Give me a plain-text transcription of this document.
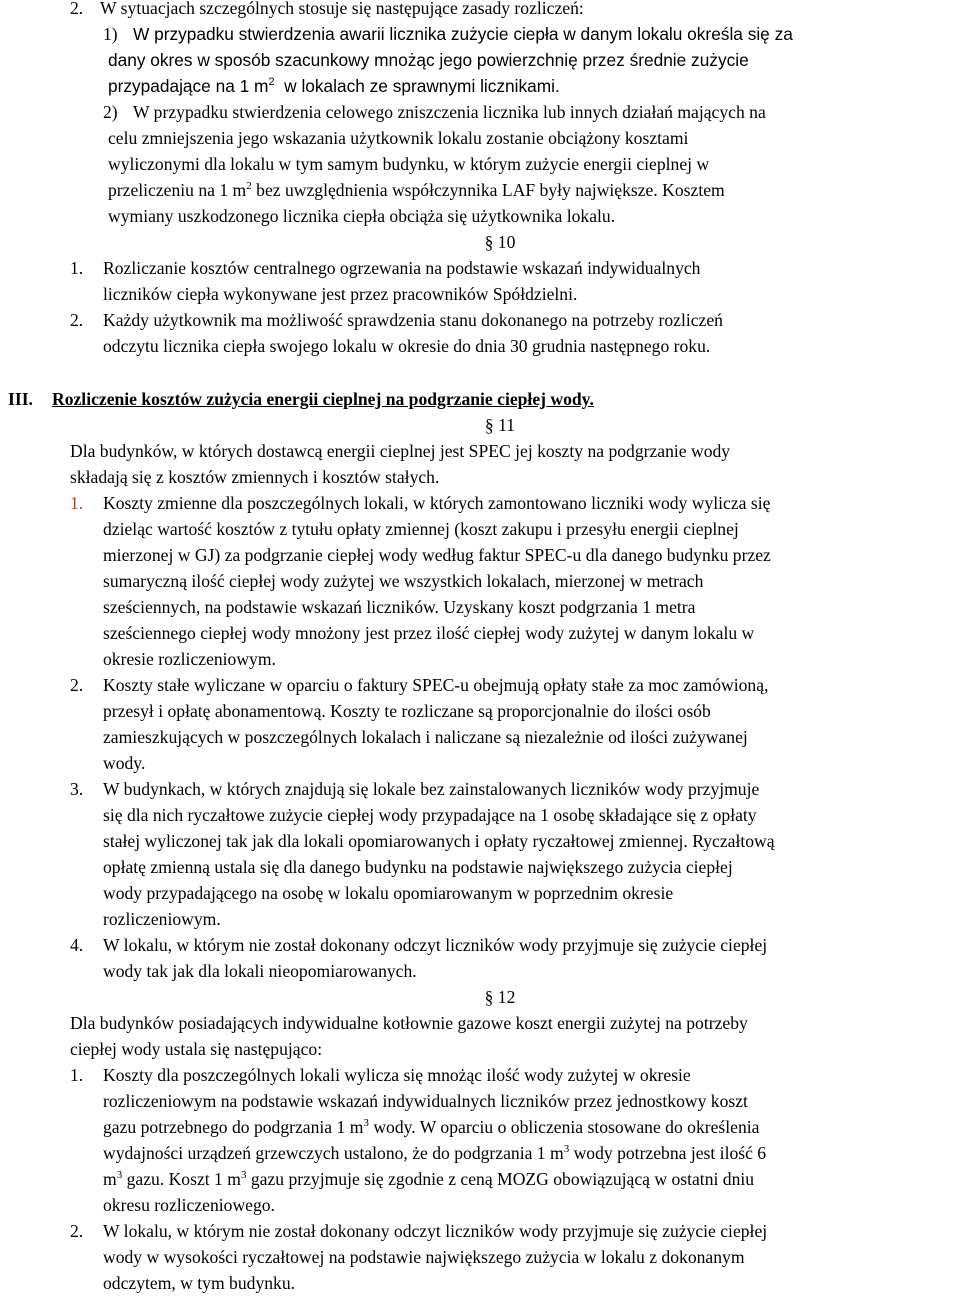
2. W sytuacjach szczególnych stosuje się następujące zasady rozliczeń:
1) W przypadku stwierdzenia awarii licznika zużycie ciepła w danym lokalu określa się za
dany okres w sposób szacunkowy mnożąc jego powierzchnię przez średnie zużycie
przypadające na 1 $m^2$ w lokalach ze sprawnymi licznikami.
2) W przypadku stwierdzenia celowego zniszczenia licznika lub innych działań mających na
celu zmniejszenia jego wskazania użytkownik lokalu zostanie obciążony kosztami
wyliczonymi dla lokalu w tym samym budynku, w którym zużycie energii cieplnej w
przeliczeniu na 1 $m^2$ bez uwzględnienia współczynnika LAF były największe. Kosztem
wymiany uszkodzonego licznika ciepła obciąża się użytkownika lokalu.
§ 10
1. Rozliczanie kosztów centralnego ogrzewania na podstawie wskazań indywidualnych
liczników ciepła wykonywane jest przez pracowników Spółdzielni.
2. Każdy użytkownik ma możliwość sprawdzenia stanu dokonanego na potrzeby rozliczeń
odczytu licznika ciepła swojego lokalu w okresie do dnia 30 grudnia następnego roku.
III. Rozliczenie kosztów zużycia energii cieplnej na podgrzanie ciepłej wody.
§ 11
Dla budynków, w których dostawcą energii cieplnej jest SPEC jej koszty na podgrzanie wody
składają się z kosztów zmiennych i kosztów stałych.
1. Koszty zmienne dla poszczególnych lokali, w których zamontowano liczniki wody wylicza się
dzieląc wartość kosztów z tytułu opłaty zmiennej (koszt zakupu i przesyłu energii cieplnej
mierzonej w GJ) za podgrzanie ciepłej wody według faktur SPEC-u dla danego budynku przez
sumaryczną ilość ciepłej wody zużytej we wszystkich lokalach, mierzonej w metrach
sześciennych, na podstawie wskazań liczników. Uzyskany koszt podgrzania 1 metra
sześciennego ciepłej wody mnożony jest przez ilość ciepłej wody zużytej w danym lokalu w
okresie rozliczeniowym.
2. Koszty stałe wyliczane w oparciu o faktury SPEC-u obejmują opłaty stałe za moc zamówioną,
przesył i opłatę abonamentową. Koszty te rozliczane są proporcjonalnie do ilości osób
zamieszkujących w poszczególnych lokalach i naliczane są niezależnie od ilości zużywanej
wody.
3. W budynkach, w których znajdują się lokale bez zainstalowanych liczników wody przyjmuje
się dla nich ryczałtowe zużycie ciepłej wody przypadające na 1 osobę składające się z opłaty
stałej wyliczonej tak jak dla lokali opomiarowanych i opłaty ryczałtowej zmiennej. Ryczałtową
opłatę zmienną ustala się dla danego budynku na podstawie największego zużycia ciepłej
wody przypadającego na osobę w lokalu opomiarowanym w poprzednim okresie
rozliczeniowym.
4. W lokalu, w którym nie został dokonany odczyt liczników wody przyjmuje się zużycie ciepłej
wody tak jak dla lokali nieopomiarowanych.
§ 12
Dla budynków posiadających indywidualne kotłownie gazowe koszt energii zużytej na potrzeby
ciepłej wody ustala się następująco:
1. Koszty dla poszczególnych lokali wylicza się mnożąc ilość wody zużytej w okresie
rozliczeniowym na podstawie wskazań indywidualnych liczników przez jednostkowy koszt
gazu potrzebnego do podgrzania 1 $m^3$ wody. W oparciu o obliczenia stosowane do określenia
wydajności urządzeń grzewczych ustalono, że do podgrzania 1 $m^3$ wody potrzebna jest ilość 6
$m^3$ gazu. Koszt 1 $m^3$ gazu przyjmuje się zgodnie z ceną MOZG obowiązującą w ostatni dniu
okresu rozliczeniowego.
2. W lokalu, w którym nie został dokonany odczyt liczników wody przyjmuje się zużycie ciepłej
wody w wysokości ryczałtowej na podstawie największego zużycia w lokalu z dokonanym
odczytem, w tym budynku.
